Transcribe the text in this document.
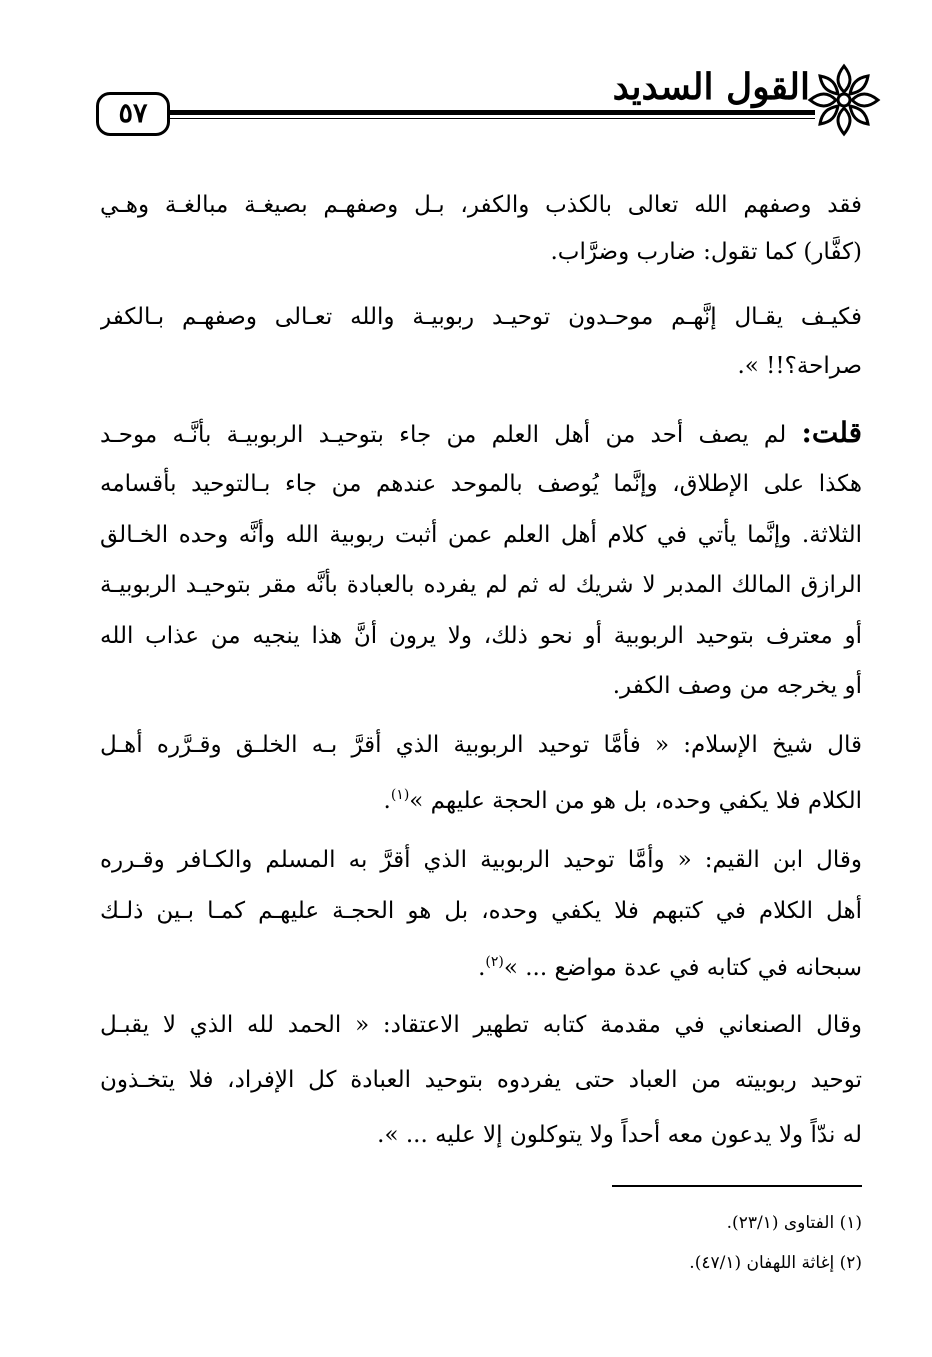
القول السديد
٥٧
فقد وصفهم الله تعالى بالكذب والكفر، بـل وصفهـم بصيغـة مبالغـة وهـي
(كفَّار) كما تقول: ضارب وضرَّاب.
فكيـف يقـال إنَّهـم موحـدون توحيـد ربوبيـة والله تعـالى وصفهـم بـالكفر
صراحة؟!! ».
قلت: لم يصف أحد من أهل العلم من جاء بتوحيـد الربوبيـة بأنَّـه موحـد
هكذا على الإطلاق، وإنَّما يُوصف بالموحد عندهم من جاء بـالتوحيد بأقسامه
الثلاثة. وإنَّما يأتي في كلام أهل العلم عمن أثبت ربوبية الله وأنَّه وحده الخـالق
الرازق المالك المدبر لا شريك له ثم لم يفرده بالعبادة بأنَّه مقر بتوحيـد الربوبيـة
أو معترف بتوحيد الربوبية أو نحو ذلك، ولا يرون أنَّ هذا ينجيه من عذاب الله
أو يخرجه من وصف الكفر.
قال شيخ الإسلام: « فأمَّا توحيد الربوبية الذي أقرَّ بـه الخلـق وقـرَّره أهـل
الكلام فلا يكفي وحده، بل هو من الحجة عليهم »$^{(١)}$.
وقال ابن القيم: « وأمَّا توحيد الربوبية الذي أقرَّ به المسلم والكـافر وقـرره
أهل الكلام في كتبهم فلا يكفي وحده، بل هو الحجـة عليهـم كمـا بـين ذلـك
سبحانه في كتابه في عدة مواضع ... »$^{(٢)}$.
وقال الصنعاني في مقدمة كتابه تطهير الاعتقاد: « الحمد لله الذي لا يقبـل
توحيد ربوبيته من العباد حتى يفردوه بتوحيد العبادة كل الإفراد، فلا يتخـذون
له ندّاً ولا يدعون معه أحداً ولا يتوكلون إلا عليه ... ».
(١) الفتاوى (٢٣/١).
(٢) إغاثة اللهفان (٤٧/١).
